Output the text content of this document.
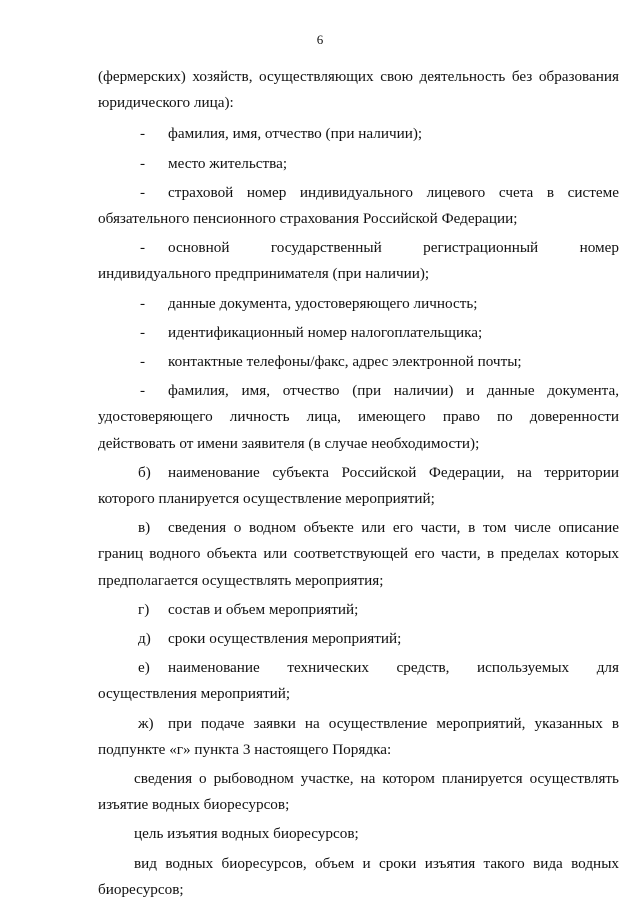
6

(фермерских) хозяйств, осуществляющих свою деятельность без образования юридического лица):

-	фамилия, имя, отчество (при наличии);
-	место жительства;
-	страховой номер индивидуального лицевого счета в системе
обязательного пенсионного страхования Российской Федерации;
-	основной государственный регистрационный номер
индивидуального предпринимателя (при наличии);
-	данные документа, удостоверяющего личность;
-	идентификационный номер налогоплательщика;
-	контактные телефоны/факс, адрес электронной почты;
-	фамилия, имя, отчество (при наличии) и данные документа,
удостоверяющего личность лица, имеющего право по доверенности действовать от имени заявителя (в случае необходимости);

б) наименование субъекта Российской Федерации, на территории которого планируется осуществление мероприятий;

в) сведения о водном объекте или его части, в том числе описание границ водного объекта или соответствующей его части, в пределах которых предполагается осуществлять мероприятия;

г) состав и объем мероприятий;

д) сроки осуществления мероприятий;

е) наименование технических средств, используемых для осуществления мероприятий;

ж) при подаче заявки на осуществление мероприятий, указанных в подпункте «г» пункта 3 настоящего Порядка:

сведения о рыбоводном участке, на котором планируется осуществлять изъятие водных биоресурсов;

цель изъятия водных биоресурсов;

вид водных биоресурсов, объем и сроки изъятия такого вида водных биоресурсов;
